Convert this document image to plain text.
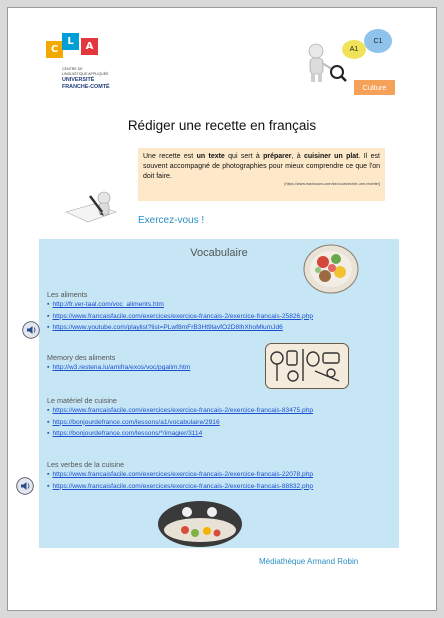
C
L	A
CENTRE DE
LINGUISTIQUE APPLIQUÉE
UNIVERSITÉ
FRANCHE-COMTÉ
A1
C1
Culture
Rédiger une recette en français
Une recette est un texte qui sert à préparer, à cuisiner un plat. Il est souvent accompagné de photographies pour mieux comprendre ce que l'on doit faire.
[https://www.maxicours.com/se/cours/ecrire-une-recette/]
Exercez-vous !
Vocabulaire
Les aliments
▪ http://fr.ver-taal.com/voc_aliments.htm
▪ https://www.francaisfacile.com/exercices/exercice-francais-2/exercice-francais-25826.php
▪ https://www.youtube.com/playlist?list=PLwf8mFrB3Ht9lavfO2D8lhXhoMlumJd6
Memory des aliments
▪ http://w3.restena.lu/amifra/exos/voc/pgalim.htm
Le matériel de cuisine
▪ https://www.francaisfacile.com/exercices/exercice-francais-2/exercice-francais-83475.php
▪ https://bonjourdefrance.com/lessons/a1/vocabulaire/2916
▪ https://bonjourdefrance.com/lessons/*/imagier/3114
Les verbes de la cuisine
▪ https://www.francaisfacile.com/exercices/exercice-francais-2/exercice-francais-22078.php
▪ https://www.francaisfacile.com/exercices/exercice-francais-2/exercice-francais-88832.php
Médiathèque Armand Robin
